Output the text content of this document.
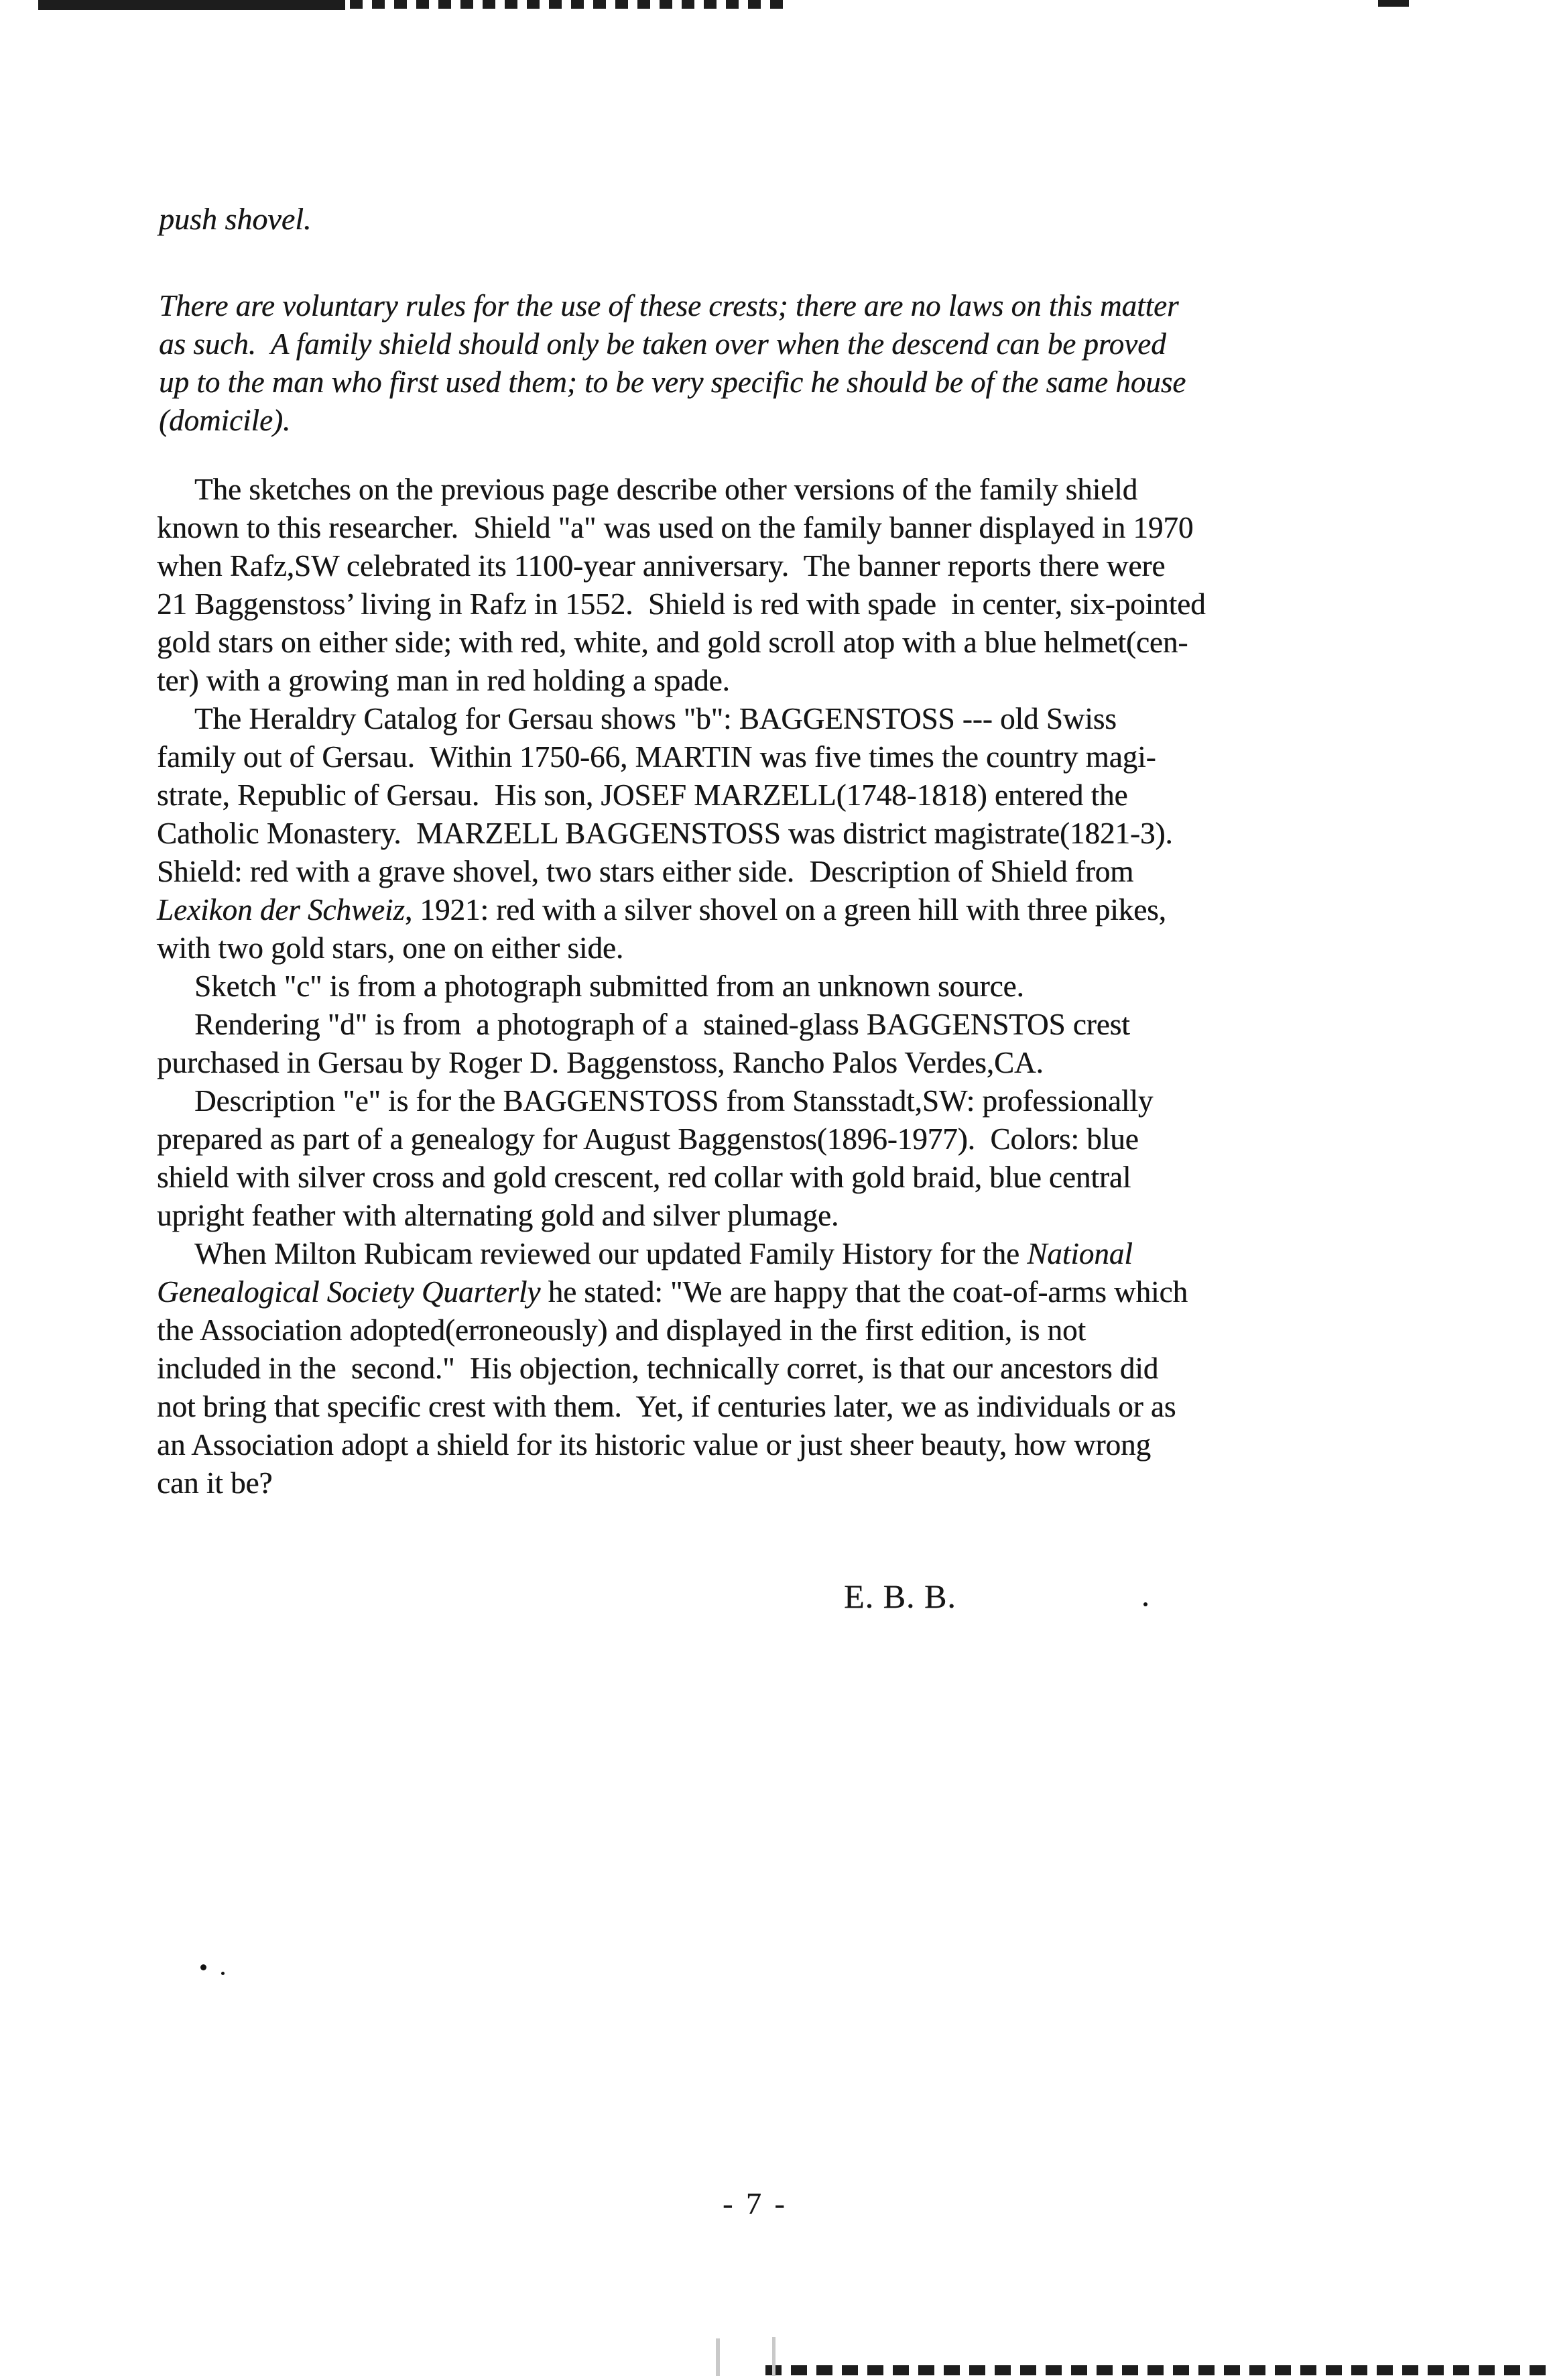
push shovel.
There are voluntary rules for the use of these crests; there are no laws on this matter
as such.  A family shield should only be taken over when the descend can be proved
up to the man who first used them; to be very specific he should be of the same house
(domicile).
The sketches on the previous page describe other versions of the family shield
known to this researcher.  Shield "a" was used on the family banner displayed in 1970
when Rafz,SW celebrated its 1100-year anniversary.  The banner reports there were
21 Baggenstoss’ living in Rafz in 1552.  Shield is red with spade  in center, six-pointed
gold stars on either side; with red, white, and gold scroll atop with a blue helmet(cen-
ter) with a growing man in red holding a spade.
The Heraldry Catalog for Gersau shows "b": BAGGENSTOSS --- old Swiss
family out of Gersau.  Within 1750-66, MARTIN was five times the country magi-
strate, Republic of Gersau.  His son, JOSEF MARZELL(1748-1818) entered the
Catholic Monastery.  MARZELL BAGGENSTOSS was district magistrate(1821-3).
Shield: red with a grave shovel, two stars either side.  Description of Shield from
Lexikon der Schweiz, 1921: red with a silver shovel on a green hill with three pikes,
with two gold stars, one on either side.
Sketch "c" is from a photograph submitted from an unknown source.
Rendering "d" is from  a photograph of a  stained-glass BAGGENSTOS crest
purchased in Gersau by Roger D. Baggenstoss, Rancho Palos Verdes,CA.
Description "e" is for the BAGGENSTOSS from Stansstadt,SW: professionally
prepared as part of a genealogy for August Baggenstos(1896-1977).  Colors: blue
shield with silver cross and gold crescent, red collar with gold braid, blue central
upright feather with alternating gold and silver plumage.
When Milton Rubicam reviewed our updated Family History for the National
Genealogical Society Quarterly he stated: "We are happy that the coat-of-arms which
the Association adopted(erroneously) and displayed in the first edition, is not
included in the  second."  His objection, technically corret, is that our ancestors did
not bring that specific crest with them.  Yet, if centuries later, we as individuals or as
an Association adopt a shield for its historic value or just sheer beauty, how wrong
can it be?
E. B. B.
- 7 -
